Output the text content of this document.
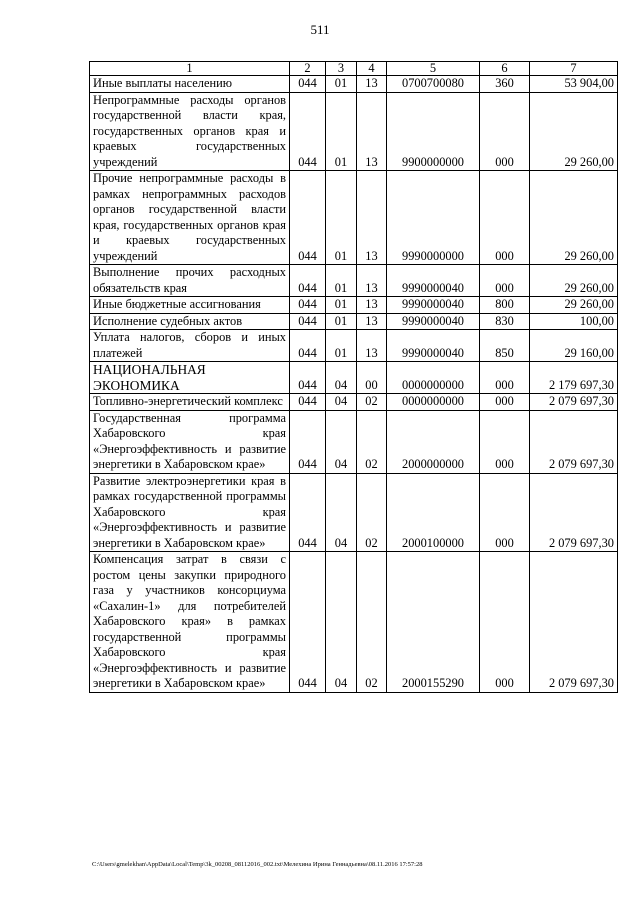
511
1	2	3	4	5	6	7
Иные выплаты населению	044	01	13	0700700080	360	53 904,00
Непрограммные расходы органов государственной власти края, государственных органов края и краевых государственных учреждений	044	01	13	9900000000	000	29 260,00
Прочие непрограммные расходы в рамках непрограммных расходов органов государственной власти края, государственных органов края и краевых государственных учреждений	044	01	13	9990000000	000	29 260,00
Выполнение прочих расходных обязательств края	044	01	13	9990000040	000	29 260,00
Иные бюджетные ассигнования	044	01	13	9990000040	800	29 260,00
Исполнение судебных актов	044	01	13	9990000040	830	100,00
Уплата налогов, сборов и иных платежей	044	01	13	9990000040	850	29 160,00
НАЦИОНАЛЬНАЯ ЭКОНОМИКА	044	04	00	0000000000	000	2 179 697,30
Топливно-энергетический комплекс	044	04	02	0000000000	000	2 079 697,30
Государственная программа Хабаровского края «Энергоэффективность и развитие энергетики в Хабаровском крае»	044	04	02	2000000000	000	2 079 697,30
Развитие электроэнергетики края в рамках государственной программы Хабаровского края «Энергоэффективность и развитие энергетики в Хабаровском крае»	044	04	02	2000100000	000	2 079 697,30
Компенсация затрат в связи с ростом цены закупки природного газа у участников консорциума «Сахалин-1» для потребителей Хабаровского края» в рамках государственной программы Хабаровского края «Энергоэффективность и развитие энергетики в Хабаровском крае»	044	04	02	2000155290	000	2 079 697,30
C:\Users\gmelekhan\AppData\Local\Temp\3k_00208_08112016_002.txt\Мелехина Ирина Геннадьевна\08.11.2016 17:57:28
